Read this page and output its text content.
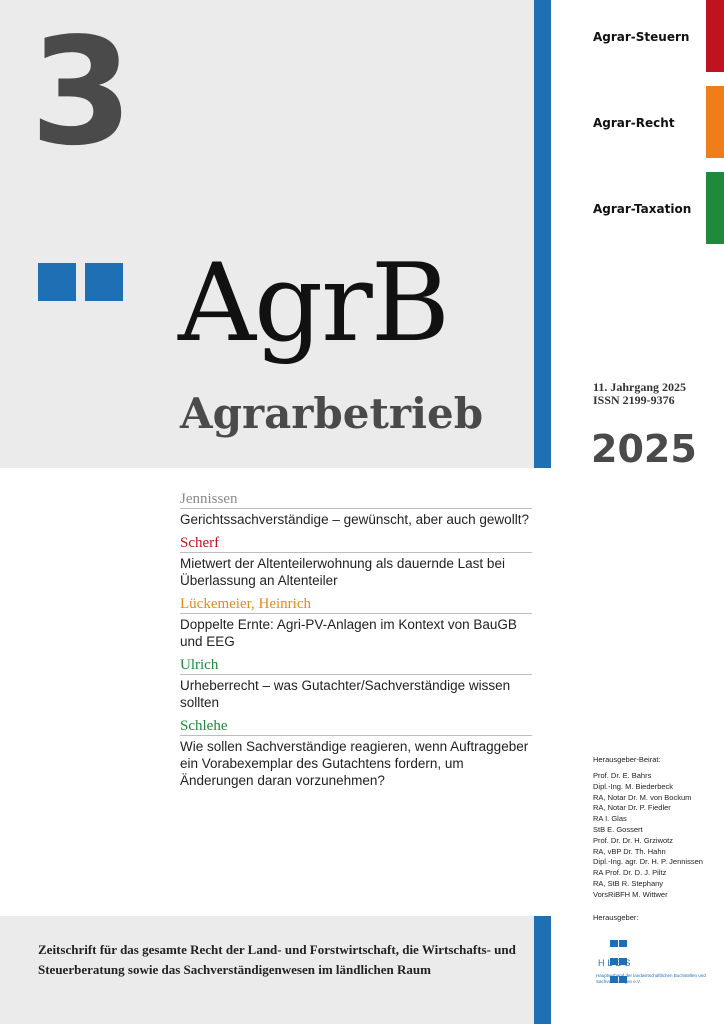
3
AgrB
Agrarbetrieb
Agrar-Steuern
Agrar-Recht
Agrar-Taxation
11. Jahrgang 2025
ISSN 2199-9376
2025
Jennissen
Gerichtssachverständige – gewünscht, aber auch gewollt?
Scherf
Mietwert der Altenteilerwohnung als dauernde Last bei Überlassung an Altenteiler
Lückemeier, Heinrich
Doppelte Ernte: Agri-PV-Anlagen im Kontext von BauGB und EEG
Ulrich
Urheberrecht – was Gutachter/Sachverständige wissen sollten
Schlehe
Wie sollen Sachverständige reagieren, wenn Auftraggeber ein Vorabexemplar des Gutachtens fordern, um Änderungen daran vorzunehmen?
Herausgeber-Beirat:
Prof. Dr. E. Bahrs
Dipl.-Ing. M. Biederbeck
RA, Notar Dr. M. von Bockum
RA, Notar Dr. P. Fiedler
RA I. Glas
StB E. Gossert
Prof. Dr. Dr. H. Grziwotz
RA, vBP Dr. Th. Hahn
Dipl.-Ing. agr. Dr. H. P. Jennissen
RA Prof. Dr. D. J. Piltz
RA, StB R. Stephany
VorsRiBFH M. Wittwer
Herausgeber:
HLBS
Hauptverband der landwirtschaftlichen Buchstellen und Sachverständigen e.V.
Zeitschrift für das gesamte Recht der Land- und Forstwirtschaft, die Wirtschafts- und Steuerberatung sowie das Sachverständigenwesen im ländlichen Raum
